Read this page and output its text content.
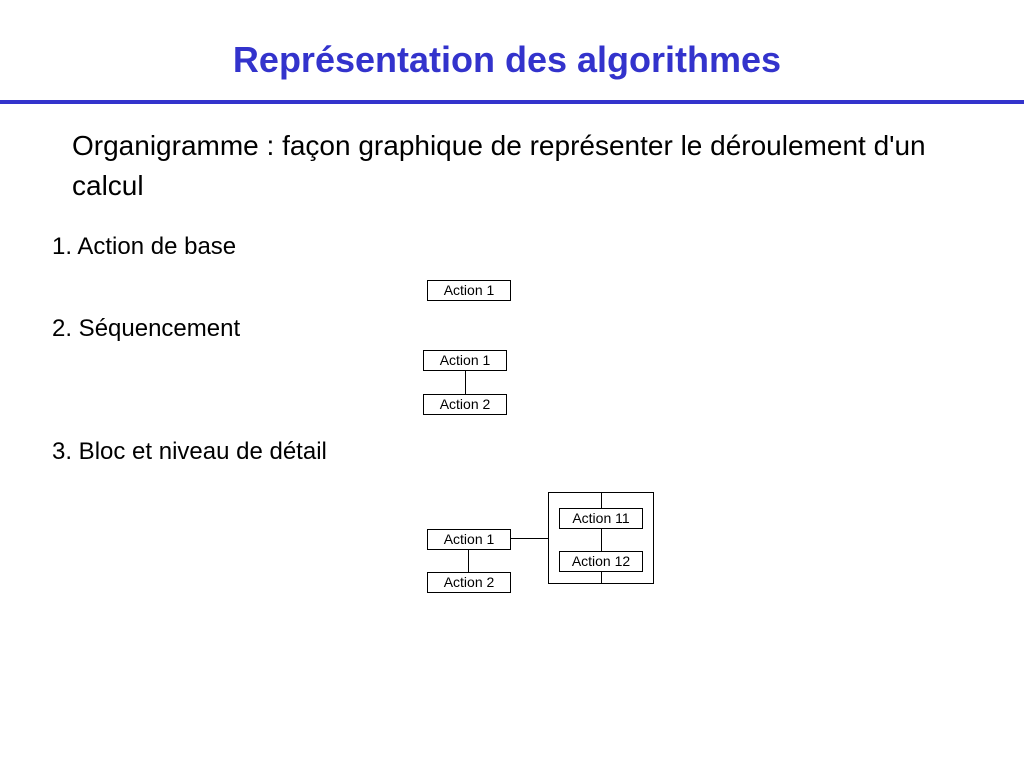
Représentation des algorithmes
Organigramme : façon graphique de représenter le déroulement d'un calcul
1. Action de base
Action 1
2. Séquencement
Action 1
Action 2
3. Bloc et niveau de détail
Action 11
Action 12
Action 1
Action 2
